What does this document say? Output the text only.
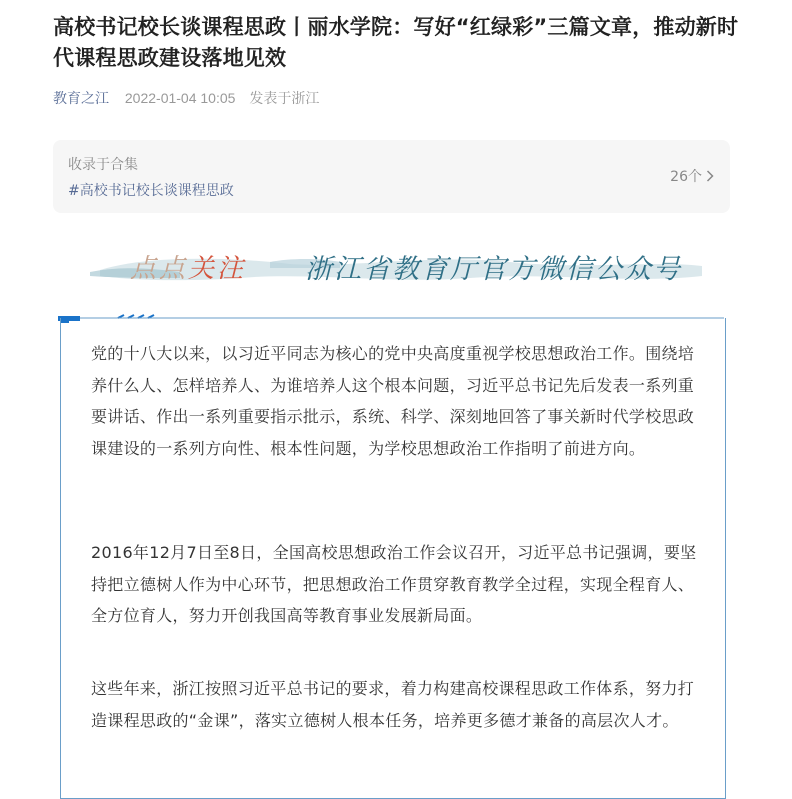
高校书记校长谈课程思政丨丽水学院：写好“红绿彩”三篇文章，推动新时代课程思政建设落地见效
教育之江 2022-01-04 10:05 发表于浙江
收录于合集
#高校书记校长谈课程思政
26个
点点关注 浙江省教育厅官方微信公众号
党的十八大以来，以习近平同志为核心的党中央高度重视学校思想政治工作。围绕培养什么人、怎样培养人、为谁培养人这个根本问题，习近平总书记先后发表一系列重要讲话、作出一系列重要指示批示，系统、科学、深刻地回答了事关新时代学校思政课建设的一系列方向性、根本性问题，为学校思想政治工作指明了前进方向。
2016年12月7日至8日，全国高校思想政治工作会议召开，习近平总书记强调，要坚持把立德树人作为中心环节，把思想政治工作贯穿教育教学全过程，实现全程育人、全方位育人，努力开创我国高等教育事业发展新局面。
这些年来，浙江按照习近平总书记的要求，着力构建高校课程思政工作体系，努力打造课程思政的“金课”，落实立德树人根本任务，培养更多德才兼备的高层次人才。
